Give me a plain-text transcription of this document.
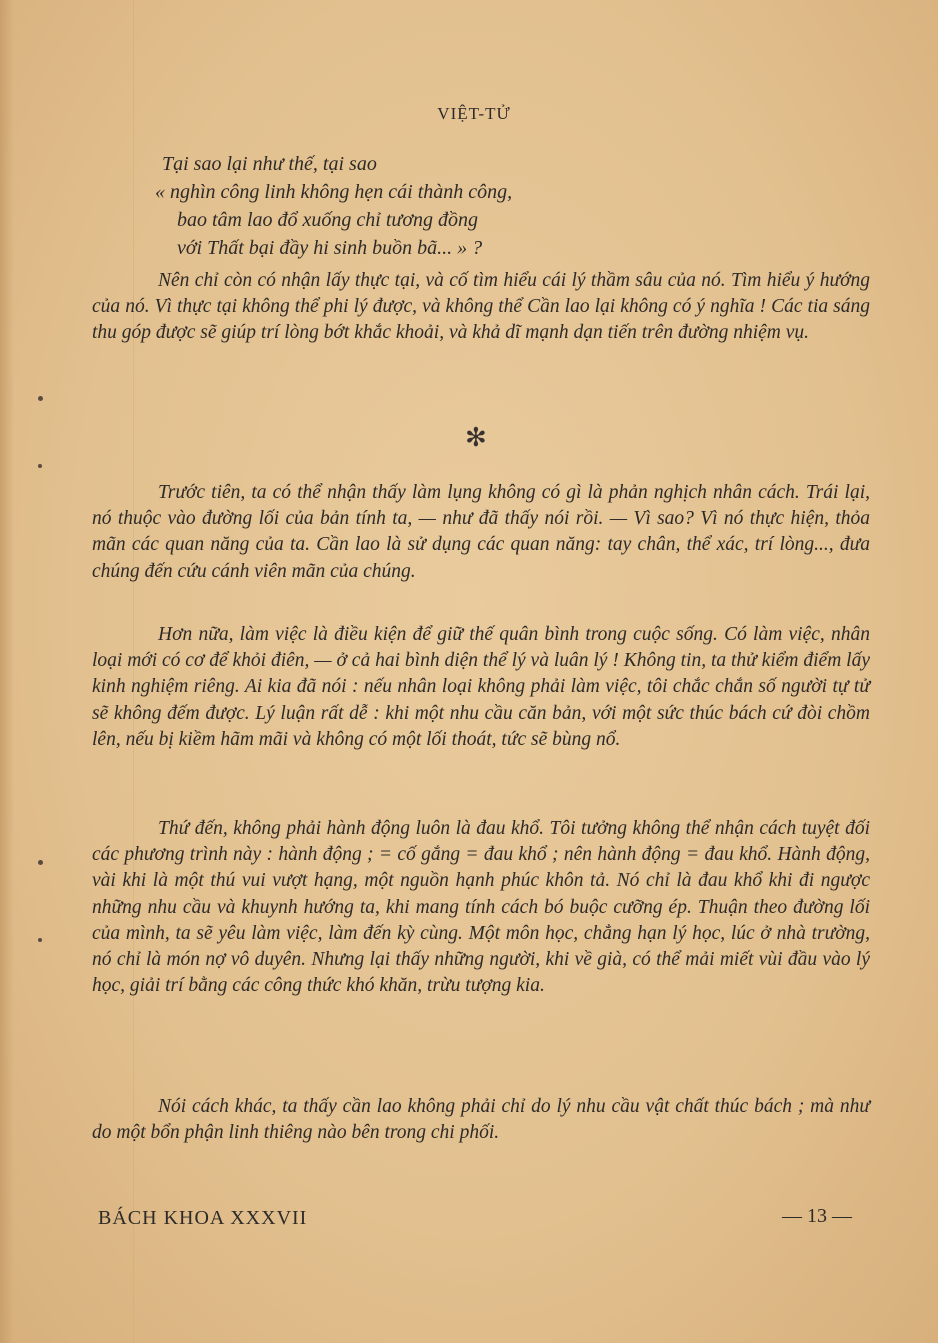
VIỆT-TỬ
Tại sao lại như thế, tại sao
« nghìn công linh không hẹn cái thành công,
bao tâm lao đổ xuống chỉ tương đồng
với Thất bại đầy hi sinh buồn bã... » ?

Nên chỉ còn có nhận lấy thực tại, và cố tìm hiểu cái lý thầm sâu của nó. Tìm hiểu ý hướng của nó. Vì thực tại không thể phi lý được, và không thể Cần lao lại không có ý nghĩa ! Các tia sáng thu góp được sẽ giúp trí lòng bớt khắc khoải, và khả dĩ mạnh dạn tiến trên đường nhiệm vụ.

✻

Trước tiên, ta có thể nhận thấy làm lụng không có gì là phản nghịch nhân cách. Trái lại, nó thuộc vào đường lối của bản tính ta, — như đã thấy nói rồi. — Vì sao? Vì nó thực hiện, thỏa mãn các quan năng của ta. Cần lao là sử dụng các quan năng: tay chân, thể xác, trí lòng..., đưa chúng đến cứu cánh viên mãn của chúng.

Hơn nữa, làm việc là điều kiện để giữ thế quân bình trong cuộc sống. Có làm việc, nhân loại mới có cơ để khỏi điên, — ở cả hai bình diện thể lý và luân lý ! Không tin, ta thử kiểm điểm lấy kinh nghiệm riêng. Ai kia đã nói : nếu nhân loại không phải làm việc, tôi chắc chắn số người tự tử sẽ không đếm được. Lý luận rất dễ : khi một nhu cầu căn bản, với một sức thúc bách cứ đòi chồm lên, nếu bị kiềm hãm mãi và không có một lối thoát, tức sẽ bùng nổ.

Thứ đến, không phải hành động luôn là đau khổ. Tôi tưởng không thể nhận cách tuyệt đối các phương trình này : hành động ; = cố gắng = đau khổ ; nên hành động = đau khổ. Hành động, vài khi là một thú vui vượt hạng, một nguồn hạnh phúc khôn tả. Nó chỉ là đau khổ khi đi ngược những nhu cầu và khuynh hướng ta, khi mang tính cách bó buộc cưỡng ép. Thuận theo đường lối của mình, ta sẽ yêu làm việc, làm đến kỳ cùng. Một môn học, chẳng hạn lý học, lúc ở nhà trường, nó chỉ là món nợ vô duyên. Nhưng lại thấy những người, khi về già, có thể mải miết vùi đầu vào lý học, giải trí bằng các công thức khó khăn, trừu tượng kia.

Nói cách khác, ta thấy cần lao không phải chỉ do lý nhu cầu vật chất thúc bách ; mà như do một bổn phận linh thiêng nào bên trong chi phối.

BÁCH KHOA XXXVII	— 13 —
